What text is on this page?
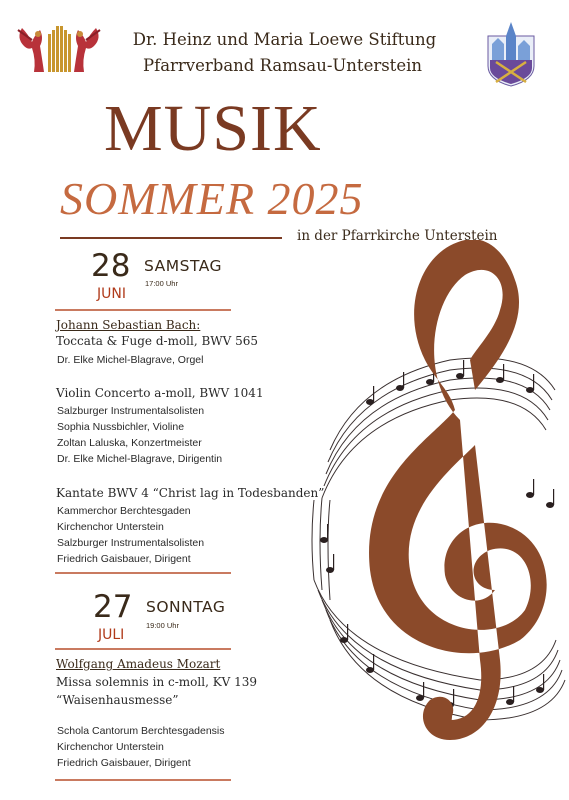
Dr. Heinz und Maria Loewe Stiftung
Pfarrverband Ramsau-Unterstein
MUSIK
SOMMER 2025
in der Pfarrkirche Unterstein
28
JUNI
SAMSTAG
17:00 Uhr
Johann Sebastian Bach:
Toccata & Fuge d-moll, BWV 565
Dr. Elke Michel-Blagrave, Orgel
Violin Concerto a-moll, BWV 1041
Salzburger Instrumentalsolisten
Sophia Nussbichler, Violine
Zoltan Laluska, Konzertmeister
Dr. Elke Michel-Blagrave, Dirigentin
Kantate BWV 4 “Christ lag in Todesbanden”
Kammerchor Berchtesgaden
Kirchenchor Unterstein
Salzburger Instrumentalsolisten
Friedrich Gaisbauer, Dirigent
27
JULI
SONNTAG
19:00 Uhr
Wolfgang Amadeus Mozart
Missa solemnis in c-moll, KV 139
“Waisenhausmesse”
Schola Cantorum Berchtesgadensis
Kirchenchor Unterstein
Friedrich Gaisbauer, Dirigent
